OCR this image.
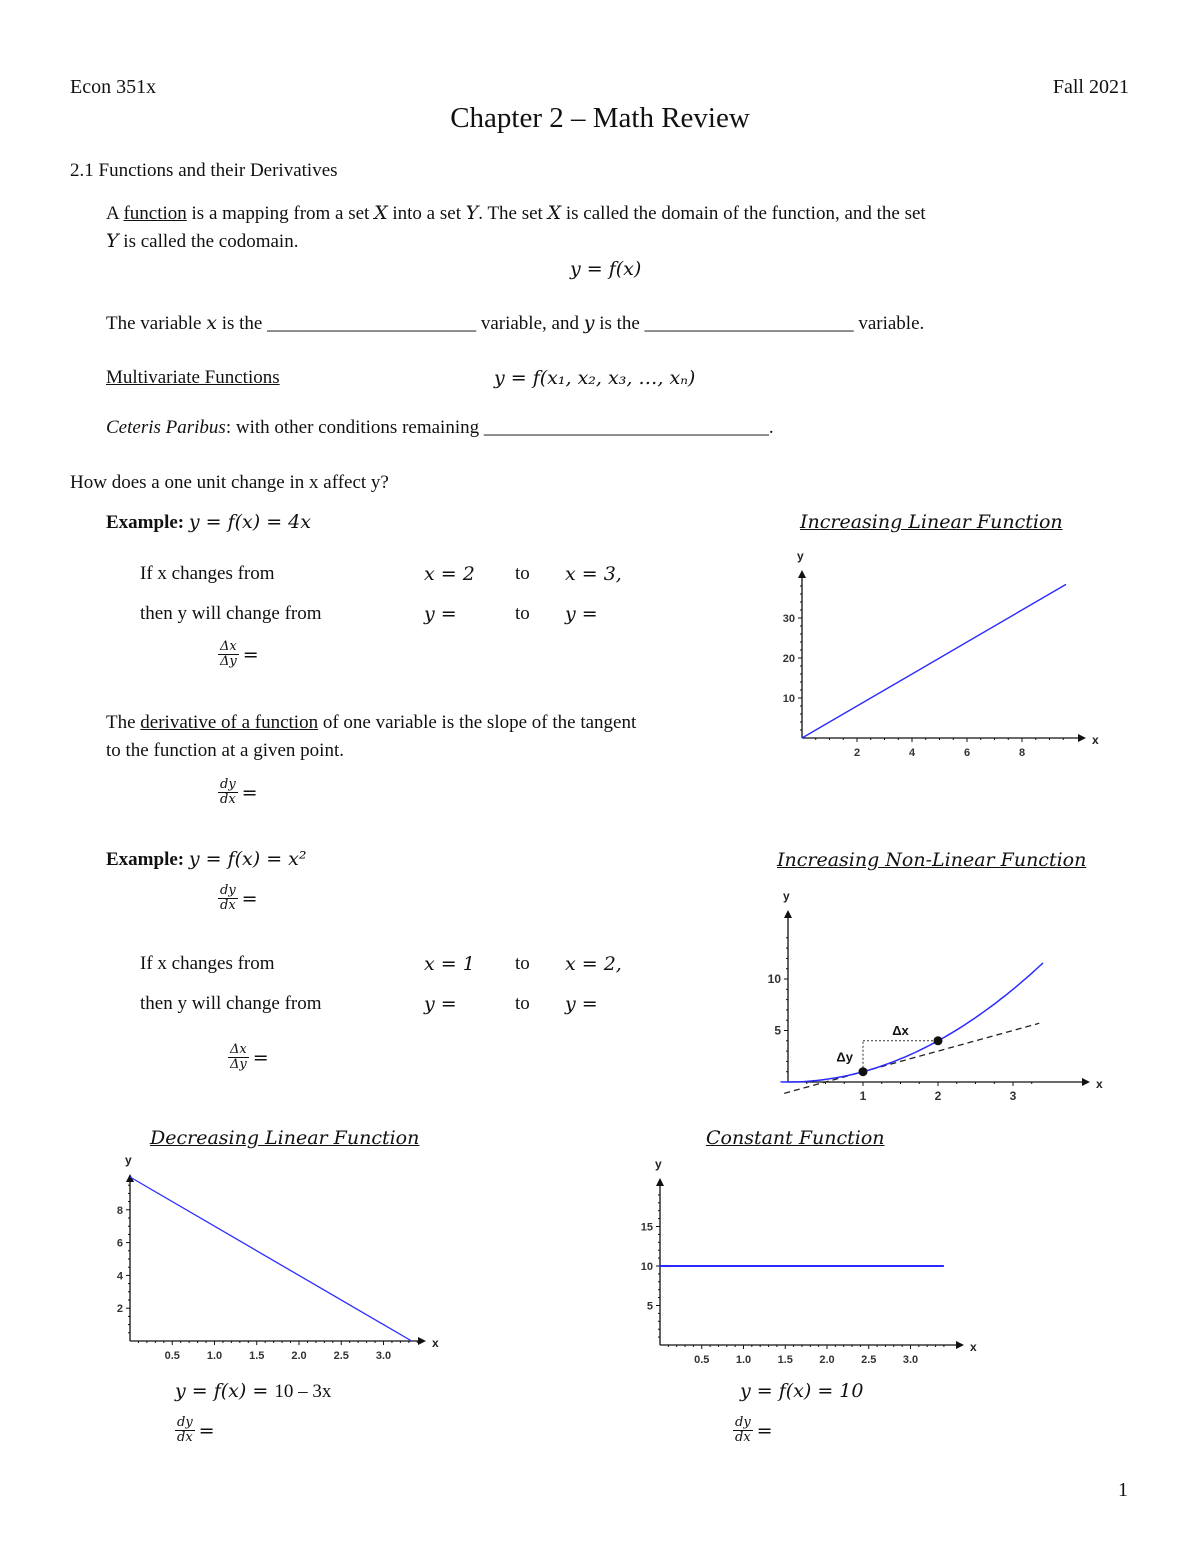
Econ 351x	Fall 2021
Chapter 2 – Math Review
2.1 Functions and their Derivatives
A function is a mapping from a set X into a set Y. The set X is called the domain of the function, and the set
Y is called the codomain.
y = f(x)
The variable x is the ______________________ variable, and y is the ______________________ variable.
Multivariate Functions	y = f(x₁, x₂, x₃, …, xₙ)
Ceteris Paribus: with other conditions remaining ______________________________.
How does a one unit change in x affect y?
Example: y = f(x) = 4x
If x changes from	x = 2 to x = 3,
then y will change from	y =	to y =
$\frac{\Delta x}{\Delta y}$ =
The derivative of a function of one variable is the slope of the tangent
to the function at a given point.
$\frac{dy}{dx}$ =
Example: y = f(x) = x²
$\frac{dy}{dx}$ =
If x changes from	x = 1 to x = 2,
then y will change from	y =	to y =
$\frac{\Delta x}{\Delta y}$ =
Increasing Linear Function
Increasing Non-Linear Function
Decreasing Linear Function	Constant Function
x
y
2	4	6	8
10
20
30
x
y
1	2	3
5
10
Δx
Δy
x
y
0.5 1.0 1.5 2.0 2.5 3.0
2
4
6
8
x
y
0.5 1.0 1.5 2.0 2.5 3.0
5
10
15
y = f(x) = 10 – 3x
$\frac{dy}{dx}$ =
y = f(x) = 10
$\frac{dy}{dx}$ =
1
